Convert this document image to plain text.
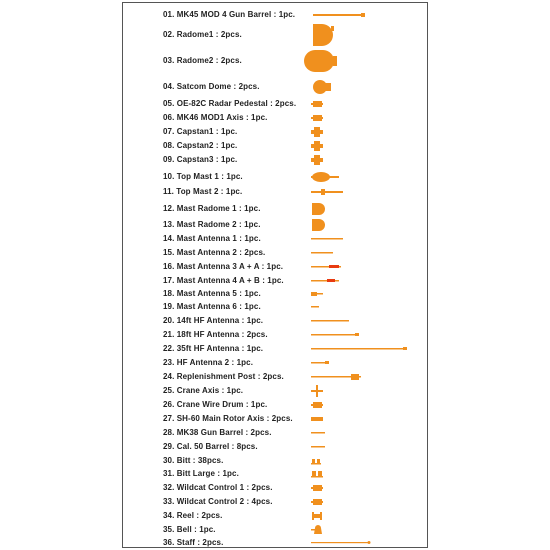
01. MK45 MOD 4 Gun Barrel : 1pc.
02. Radome1 : 2pcs.
03. Radome2 : 2pcs.
04. Satcom Dome : 2pcs.
05. OE-82C Radar Pedestal : 2pcs.
06. MK46 MOD1 Axis : 1pc.
07. Capstan1 : 1pc.
08. Capstan2 : 1pc.
09. Capstan3 : 1pc.
10. Top Mast 1 : 1pc.
11. Top Mast 2 : 1pc.
12. Mast Radome 1 : 1pc.
13. Mast Radome 2 : 1pc.
14. Mast Antenna 1 : 1pc.
15. Mast Antenna 2 : 2pcs.
16. Mast Antenna 3 A + A : 1pc.
17. Mast Antenna 4 A + B : 1pc.
18. Mast Antenna 5 : 1pc.
19. Mast Antenna 6 : 1pc.
20. 14ft HF Antenna : 1pc.
21. 18ft HF Antenna : 2pcs.
22. 35ft HF Antenna : 1pc.
23. HF Antenna 2 : 1pc.
24. Replenishment Post : 2pcs.
25. Crane Axis : 1pc.
26. Crane Wire Drum : 1pc.
27. SH-60 Main Rotor Axis : 2pcs.
28. MK38 Gun Barrel : 2pcs.
29. Cal. 50 Barrel : 8pcs.
30. Bitt : 38pcs.
31. Bitt Large : 1pc.
32. Wildcat Control 1 : 2pcs.
33. Wildcat Control 2 : 4pcs.
34. Reel : 2pcs.
35. Bell : 1pc.
36. Staff : 2pcs.
